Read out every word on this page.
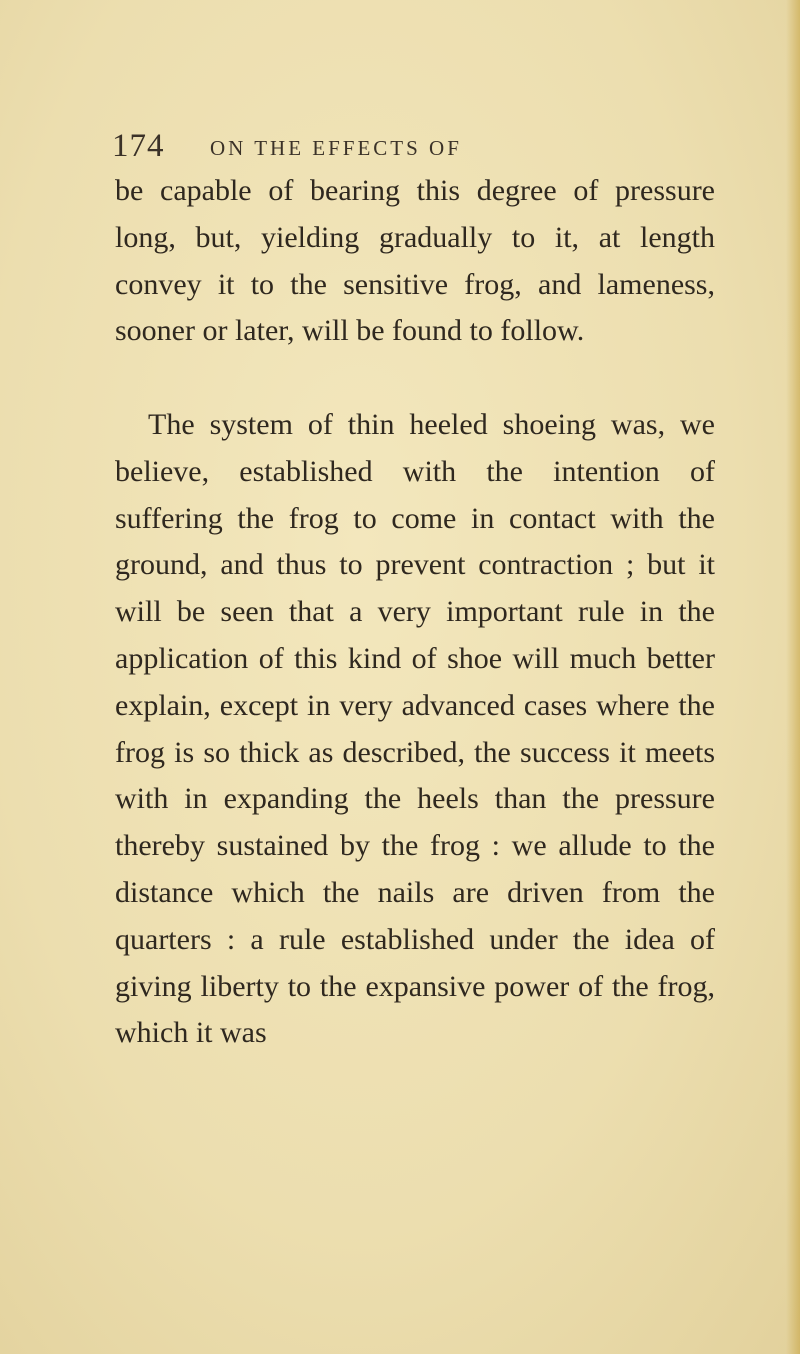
174 ON THE EFFECTS OF

be capable of bearing this degree of pressure long, but, yielding gradually to it, at length convey it to the sensitive frog, and lameness, sooner or later, will be found to follow.

The system of thin heeled shoeing was, we believe, established with the intention of suffering the frog to come in contact with the ground, and thus to prevent contraction ; but it will be seen that a very important rule in the application of this kind of shoe will much better explain, except in very advanced cases where the frog is so thick as described, the success it meets with in expanding the heels than the pressure thereby sustained by the frog : we allude to the distance which the nails are driven from the quarters : a rule established under the idea of giving liberty to the expansive power of the frog, which it was
